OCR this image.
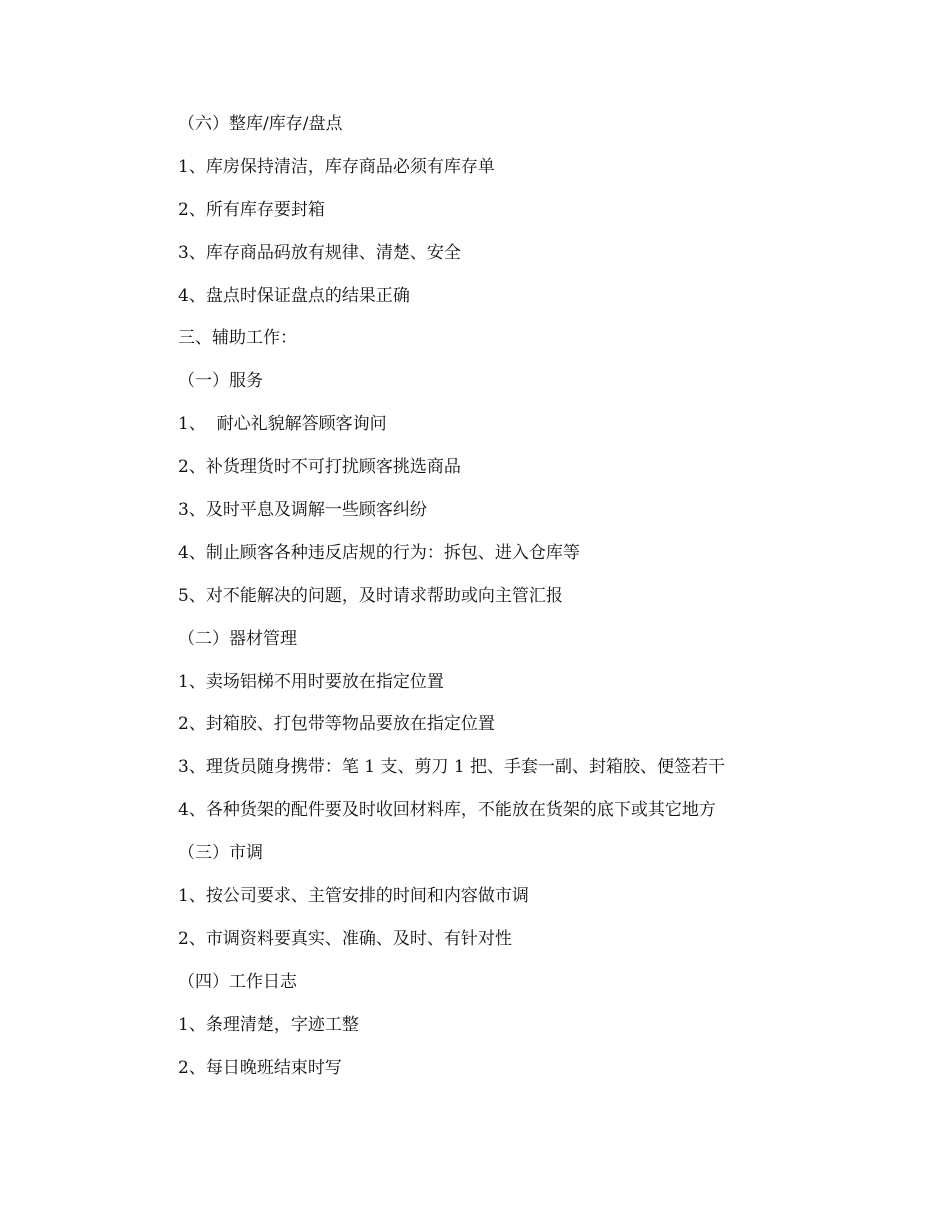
（六）整库/库存/盘点
1、库房保持清洁，库存商品必须有库存单
2、所有库存要封箱
3、库存商品码放有规律、清楚、安全
4、盘点时保证盘点的结果正确
三、辅助工作：
（一）服务
1、  耐心礼貌解答顾客询问
2、补货理货时不可打扰顾客挑选商品
3、及时平息及调解一些顾客纠纷
4、制止顾客各种违反店规的行为：拆包、进入仓库等
5、对不能解决的问题，及时请求帮助或向主管汇报
（二）器材管理
1、卖场铝梯不用时要放在指定位置
2、封箱胶、打包带等物品要放在指定位置
3、理货员随身携带：笔 1 支、剪刀 1 把、手套一副、封箱胶、便签若干
4、各种货架的配件要及时收回材料库，不能放在货架的底下或其它地方
（三）市调
1、按公司要求、主管安排的时间和内容做市调
2、市调资料要真实、准确、及时、有针对性
（四）工作日志
1、条理清楚，字迹工整
2、每日晚班结束时写
